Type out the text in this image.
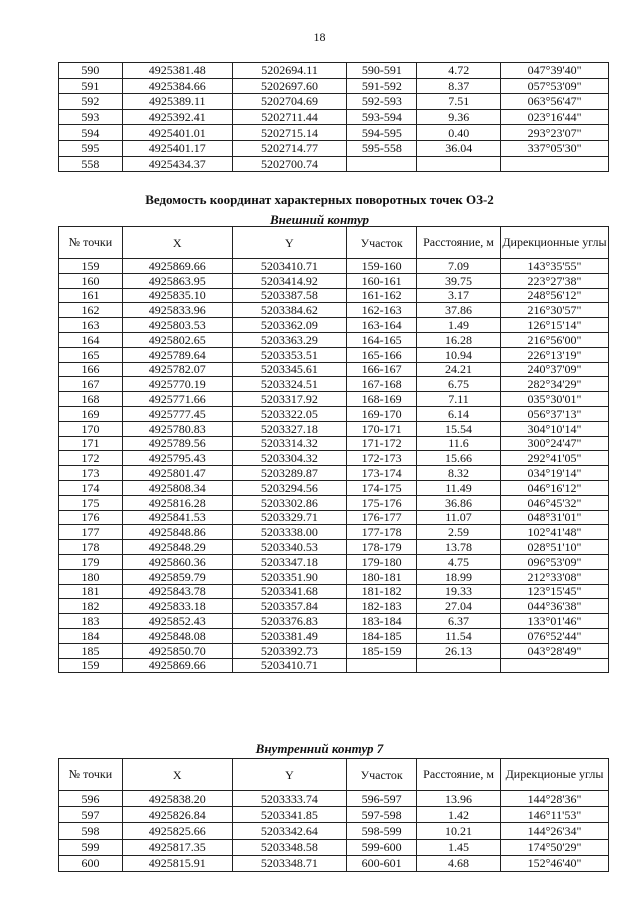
18
590	4925381.48	5202694.11	590-591	4.72	047°39'40"
591	4925384.66	5202697.60	591-592	8.37	057°53'09"
592	4925389.11	5202704.69	592-593	7.51	063°56'47"
593	4925392.41	5202711.44	593-594	9.36	023°16'44"
594	4925401.01	5202715.14	594-595	0.40	293°23'07"
595	4925401.17	5202714.77	595-558	36.04	337°05'30"
558	4925434.37	5202700.74			
Ведомость координат характерных поворотных точек ОЗ-2
Внешний контур
№ точки	X	Y	Участок	Расстояние, м	Дирекционные углы

159	4925869.66	5203410.71	159-160	7.09	143°35'55"
160	4925863.95	5203414.92	160-161	39.75	223°27'38"
161	4925835.10	5203387.58	161-162	3.17	248°56'12"
162	4925833.96	5203384.62	162-163	37.86	216°30'57"
163	4925803.53	5203362.09	163-164	1.49	126°15'14"
164	4925802.65	5203363.29	164-165	16.28	216°56'00"
165	4925789.64	5203353.51	165-166	10.94	226°13'19"
166	4925782.07	5203345.61	166-167	24.21	240°37'09"
167	4925770.19	5203324.51	167-168	6.75	282°34'29"
168	4925771.66	5203317.92	168-169	7.11	035°30'01"
169	4925777.45	5203322.05	169-170	6.14	056°37'13"
170	4925780.83	5203327.18	170-171	15.54	304°10'14"
171	4925789.56	5203314.32	171-172	11.6	300°24'47"
172	4925795.43	5203304.32	172-173	15.66	292°41'05"
173	4925801.47	5203289.87	173-174	8.32	034°19'14"
174	4925808.34	5203294.56	174-175	11.49	046°16'12"
175	4925816.28	5203302.86	175-176	36.86	046°45'32"
176	4925841.53	5203329.71	176-177	11.07	048°31'01"
177	4925848.86	5203338.00	177-178	2.59	102°41'48"
178	4925848.29	5203340.53	178-179	13.78	028°51'10"
179	4925860.36	5203347.18	179-180	4.75	096°53'09"
180	4925859.79	5203351.90	180-181	18.99	212°33'08"
181	4925843.78	5203341.68	181-182	19.33	123°15'45"
182	4925833.18	5203357.84	182-183	27.04	044°36'38"
183	4925852.43	5203376.83	183-184	6.37	133°01'46"
184	4925848.08	5203381.49	184-185	11.54	076°52'44"
185	4925850.70	5203392.73	185-159	26.13	043°28'49"
159	4925869.66	5203410.71			
Внутренний контур 7
№ точки	X	Y	Участок	Расстояние, м	Дирекционые углы

596	4925838.20	5203333.74	596-597	13.96	144°28'36"
597	4925826.84	5203341.85	597-598	1.42	146°11'53"
598	4925825.66	5203342.64	598-599	10.21	144°26'34"
599	4925817.35	5203348.58	599-600	1.45	174°50'29"
600	4925815.91	5203348.71	600-601	4.68	152°46'40"
